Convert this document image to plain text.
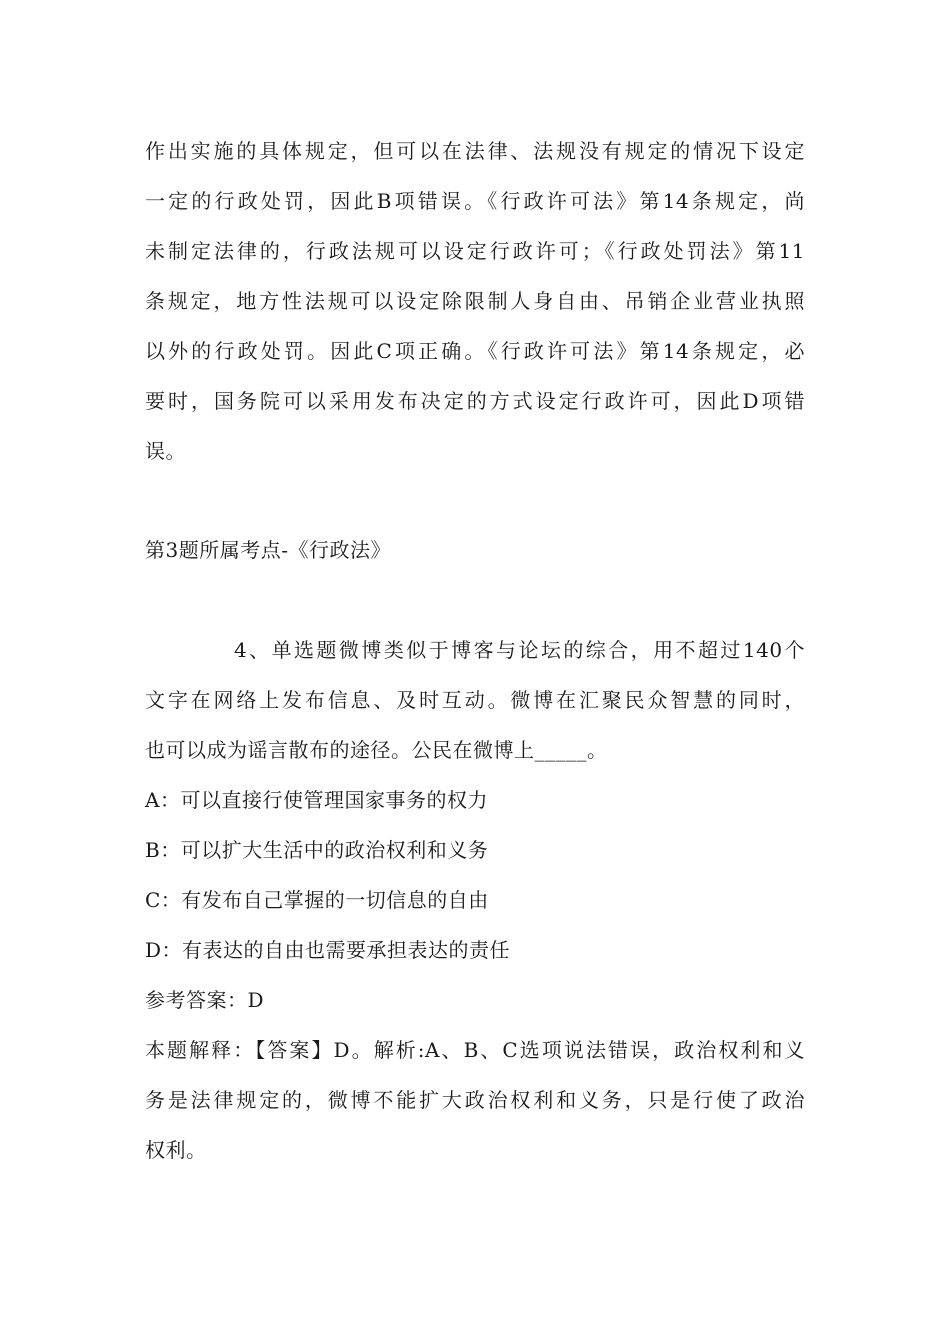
作出实施的具体规定，但可以在法律、法规没有规定的情况下设定
一定的行政处罚，因此B项错误。《行政许可法》第14条规定，尚
未制定法律的，行政法规可以设定行政许可；《行政处罚法》第11
条规定，地方性法规可以设定除限制人身自由、吊销企业营业执照
以外的行政处罚。因此C项正确。《行政许可法》第14条规定，必
要时，国务院可以采用发布决定的方式设定行政许可，因此D项错
误。
第3题所属考点-《行政法》
4、单选题微博类似于博客与论坛的综合，用不超过140个
文字在网络上发布信息、及时互动。微博在汇聚民众智慧的同时，
也可以成为谣言散布的途径。公民在微博上_____。
A：可以直接行使管理国家事务的权力
B：可以扩大生活中的政治权利和义务
C：有发布自己掌握的一切信息的自由
D：有表达的自由也需要承担表达的责任
参考答案：D
本题解释：【答案】D。解析:A、B、C选项说法错误，政治权利和义
务是法律规定的，微博不能扩大政治权利和义务，只是行使了政治
权利。
